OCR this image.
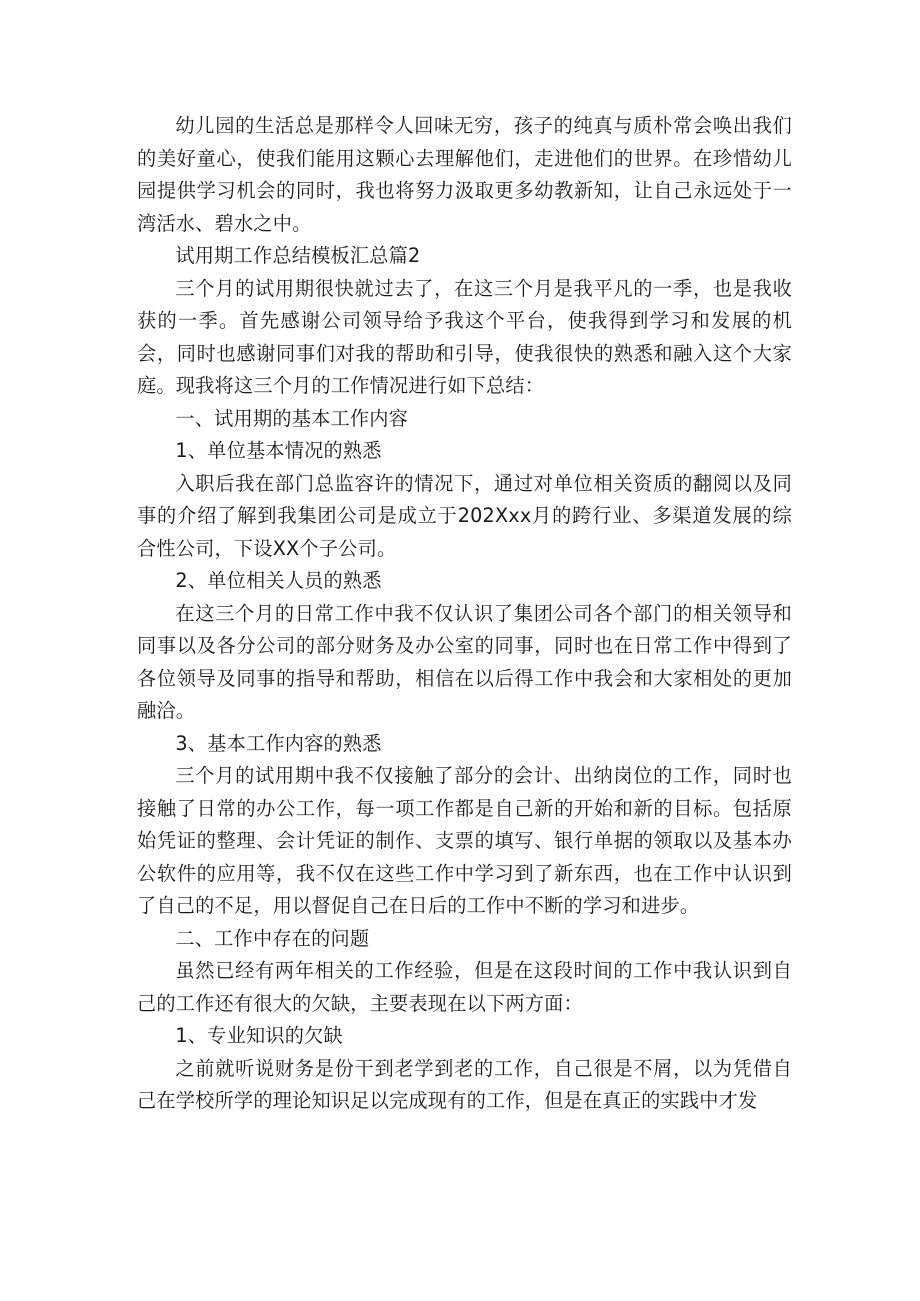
幼儿园的生活总是那样令人回味无穷，孩子的纯真与质朴常会唤出我们的美好童心，使我们能用这颗心去理解他们，走进他们的世界。在珍惜幼儿园提供学习机会的同时，我也将努力汲取更多幼教新知，让自己永远处于一湾活水、碧水之中。

试用期工作总结模板汇总篇2

三个月的试用期很快就过去了，在这三个月是我平凡的一季，也是我收获的一季。首先感谢公司领导给予我这个平台，使我得到学习和发展的机会，同时也感谢同事们对我的帮助和引导，使我很快的熟悉和融入这个大家庭。现我将这三个月的工作情况进行如下总结：

一、试用期的基本工作内容

1、单位基本情况的熟悉

入职后我在部门总监容许的情况下，通过对单位相关资质的翻阅以及同事的介绍了解到我集团公司是成立于202Xxx月的跨行业、多渠道发展的综合性公司，下设XX个子公司。

2、单位相关人员的熟悉

在这三个月的日常工作中我不仅认识了集团公司各个部门的相关领导和同事以及各分公司的部分财务及办公室的同事，同时也在日常工作中得到了各位领导及同事的指导和帮助，相信在以后得工作中我会和大家相处的更加融洽。

3、基本工作内容的熟悉

三个月的试用期中我不仅接触了部分的会计、出纳岗位的工作，同时也接触了日常的办公工作，每一项工作都是自己新的开始和新的目标。包括原始凭证的整理、会计凭证的制作、支票的填写、银行单据的领取以及基本办公软件的应用等，我不仅在这些工作中学习到了新东西，也在工作中认识到了自己的不足，用以督促自己在日后的工作中不断的学习和进步。

二、工作中存在的问题

虽然已经有两年相关的工作经验，但是在这段时间的工作中我认识到自己的工作还有很大的欠缺，主要表现在以下两方面：

1、专业知识的欠缺

之前就听说财务是份干到老学到老的工作，自己很是不屑，以为凭借自己在学校所学的理论知识足以完成现有的工作，但是在真正的实践中才发
